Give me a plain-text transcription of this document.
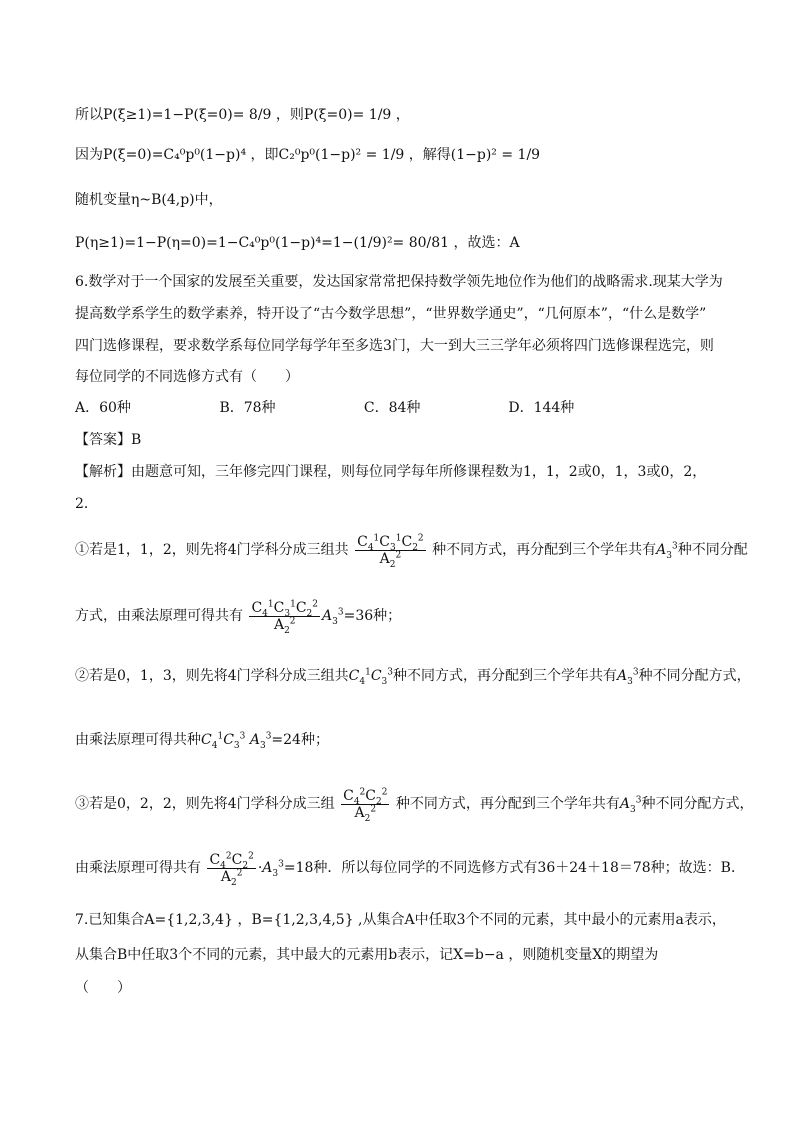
所以P(ξ≥1)=1−P(ξ=0)= 8/9 ，则P(ξ=0)= 1/9 ，
因为P(ξ=0)=C₄⁰p⁰(1−p)⁴ ，即C₂⁰p⁰(1−p)² = 1/9 ，解得(1−p)² = 1/9
随机变量η~B(4,p)中，
P(η≥1)=1−P(η=0)=1−C₄⁰p⁰(1−p)⁴=1−(1/9)²= 80/81 ，故选：A
6.数学对于一个国家的发展至关重要，发达国家常常把保持数学领先地位作为他们的战略需求.现某大学为
提高数学系学生的数学素养，特开设了“古今数学思想”，“世界数学通史”，“几何原本”，“什么是数学”
四门选修课程，要求数学系每位同学每学年至多选3门，大一到大三三学年必须将四门选修课程选完，则
每位同学的不同选修方式有（　　）
A．60种	B．78种	C．84种	D．144种
【答案】B
【解析】由题意可知，三年修完四门课程，则每位同学每年所修课程数为1，1，2或0，1，3或0，2，
2．
①若是1，1，2，则先将4门学科分成三组共 $\frac{C_4^1C_3^1C_2^2}{A_2^2}$ 种不同方式，再分配到三个学年共有$A_3^3$种不同分配
方式，由乘法原理可得共有 $\frac{C_4^1C_3^1C_2^2}{A_2^2} A_3^3=36$种；
②若是0，1，3，则先将4门学科分成三组共$C_4^1C_3^3$种不同方式，再分配到三个学年共有$A_3^3$种不同分配方式，
由乘法原理可得共种$C_4^1C_3^3$ $A_3^3=24$种；
③若是0，2，2，则先将4门学科分成三组 $\frac{C_4^2C_2^2}{A_2^2}$ 种不同方式，再分配到三个学年共有$A_3^3$种不同分配方式，
由乘法原理可得共有 $\frac{C_4^2C_2^2}{A_2^2} \cdot A_3^3=18$种．所以每位同学的不同选修方式有36＋24＋18＝78种；故选：B．
7.已知集合A={1,2,3,4} ，B={1,2,3,4,5} ,从集合A中任取3个不同的元素，其中最小的元素用a表示，
从集合B中任取3个不同的元素，其中最大的元素用b表示，记X=b−a ，则随机变量X的期望为
（　　）
